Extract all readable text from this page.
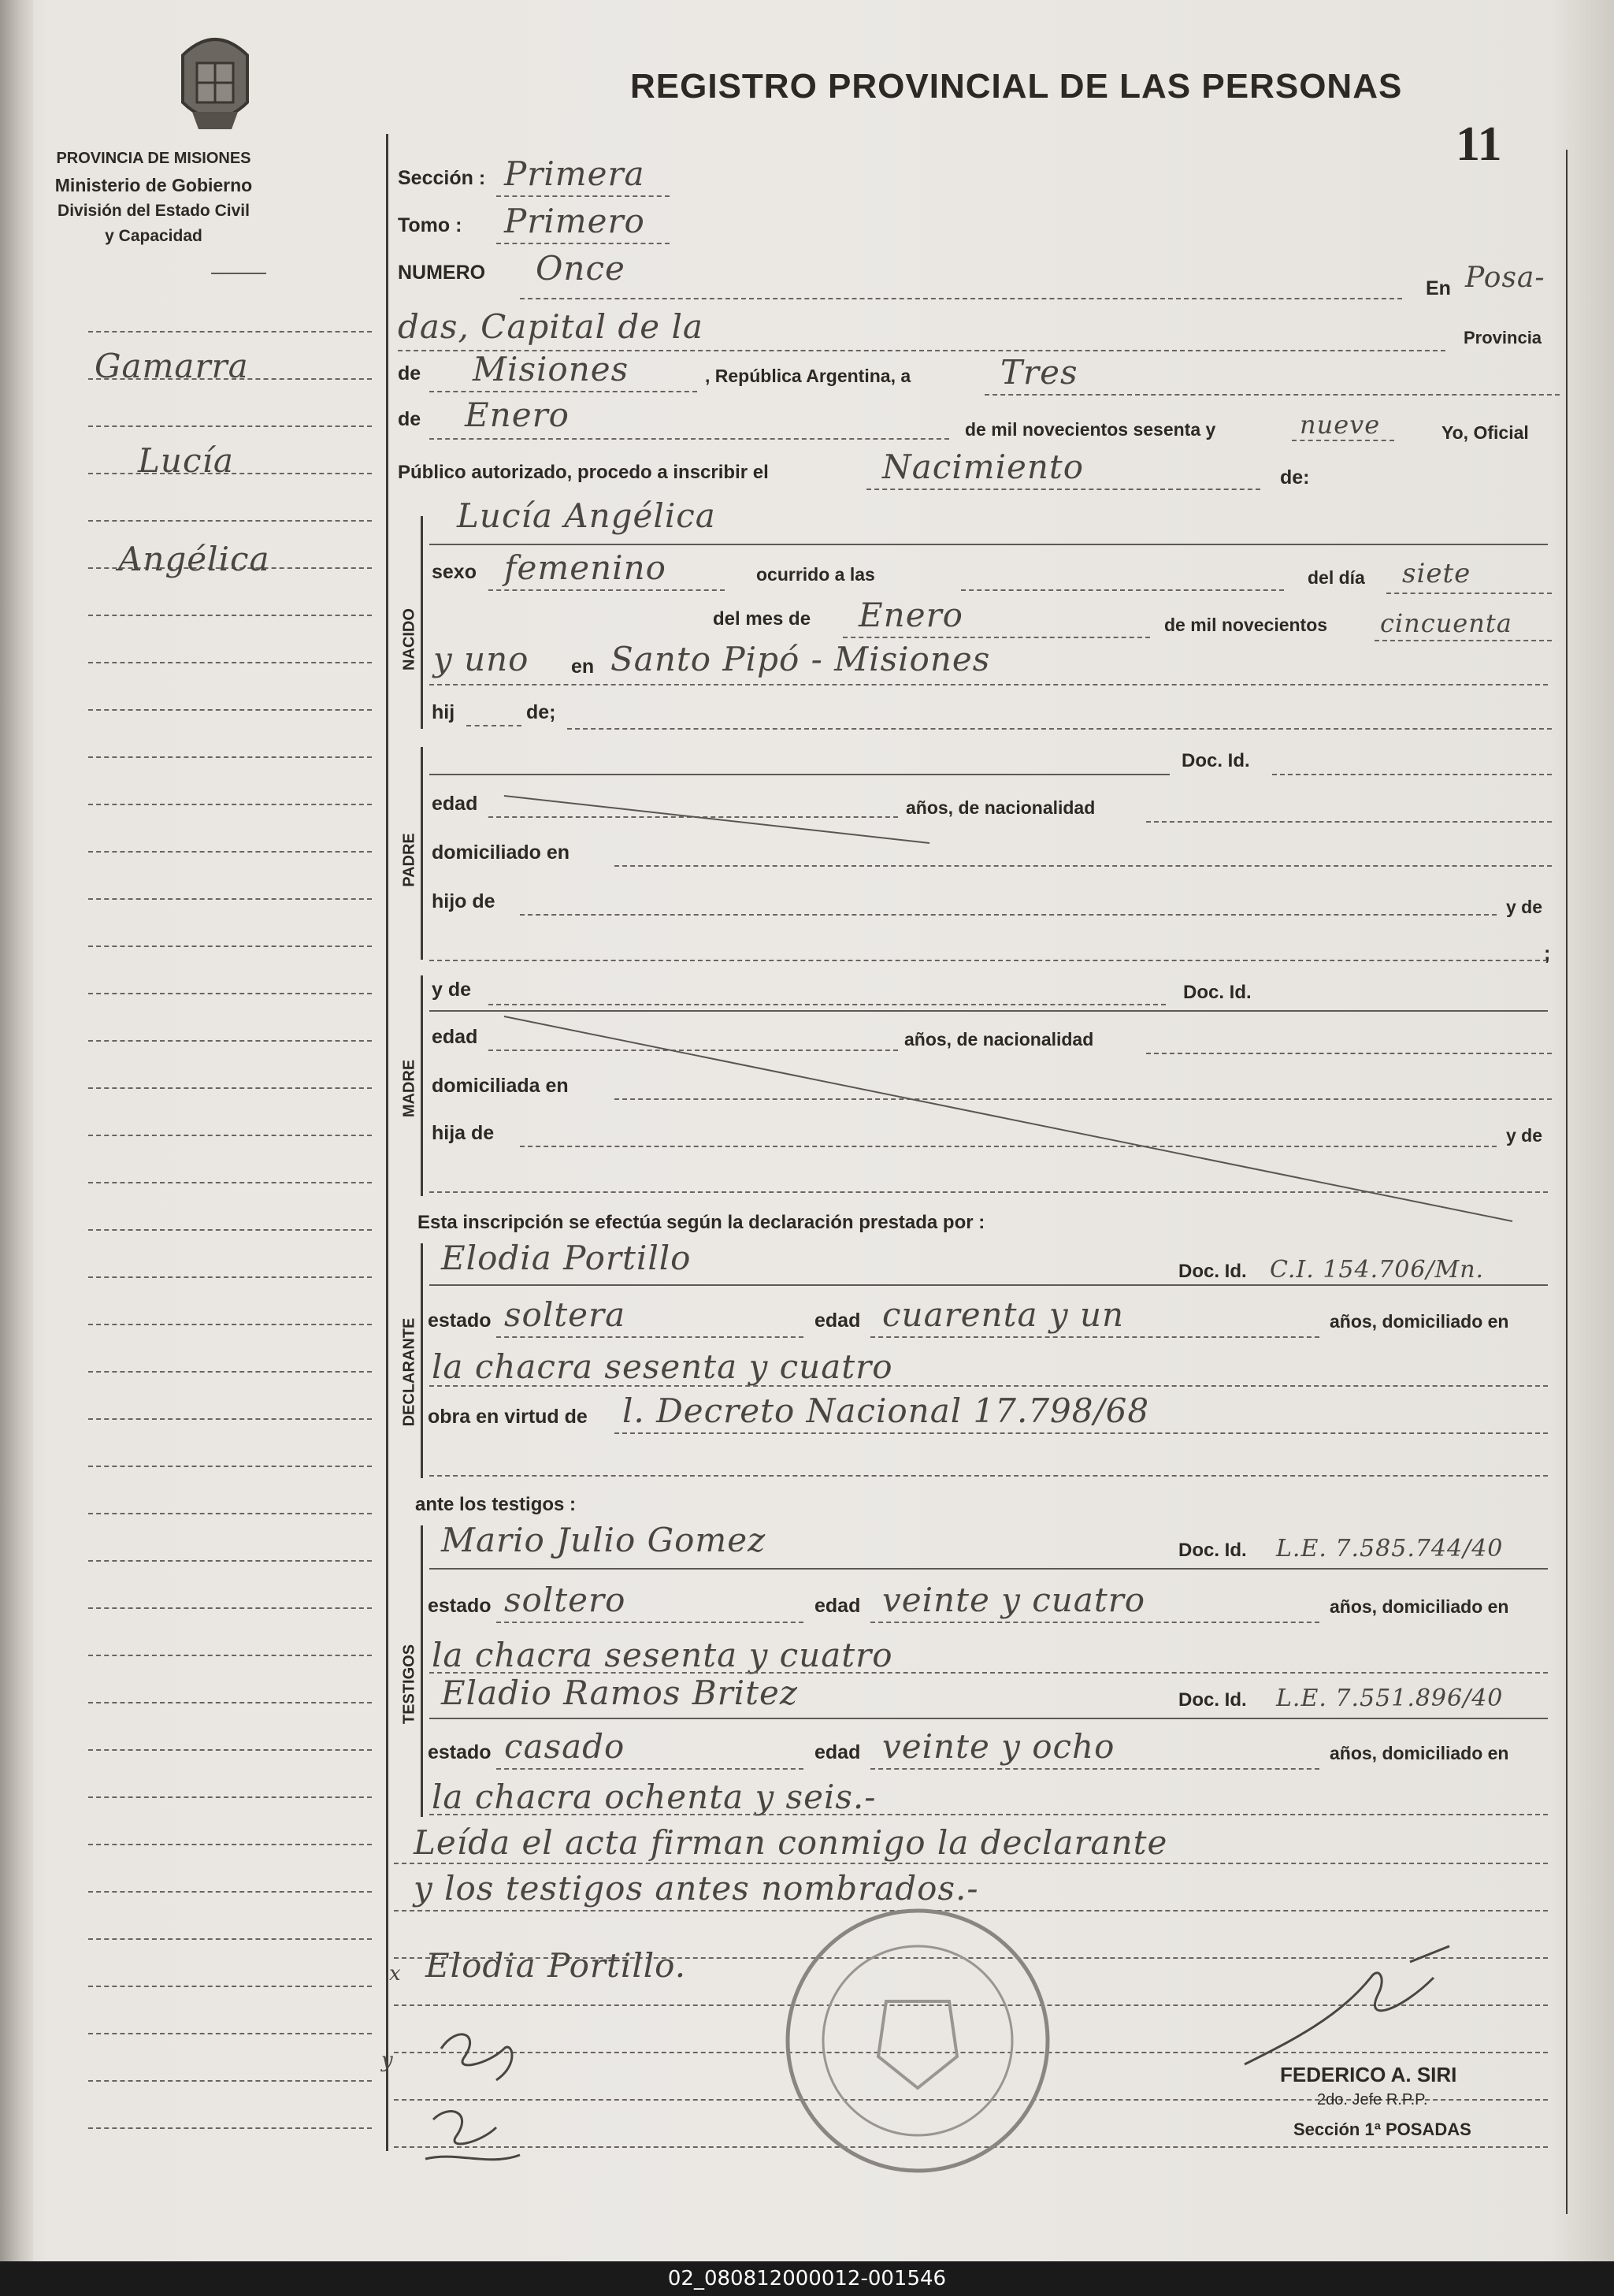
PROVINCIA DE MISIONES
Ministerio de Gobierno
División del Estado Civil
y Capacidad
REGISTRO PROVINCIAL DE LAS PERSONAS
11
Gamarra
Lucía
Angélica
Sección : Primera
Tomo : Primero
NUMERO Once
En Posa-
das, Capital de la	Provincia
de Misiones	, República Argentina, a	Tres
de Enero	de mil novecientos sesenta y	nueve	Yo, Oficial
Público autorizado, procedo a inscribir el	Nacimiento	de:
NACIDO
Lucía Angélica
sexo femenino	ocurrido a las	del día siete
del mes de Enero	de mil novecientos cincuenta
y uno en Santo Pipó - Misiones
hij	de;
PADRE
Doc. Id.
edad	años, de nacionalidad
domiciliado en
hijo de	y de
;
MADRE
y de	Doc. Id.
edad	años, de nacionalidad
domiciliada en
hija de	y de
Esta inscripción se efectúa según la declaración prestada por :
DECLARANTE
Elodia Portillo	Doc. Id. C.I. 154.706/Mn.
estado soltera	edad cuarenta y un	años, domiciliado en
la chacra sesenta y cuatro
obra en virtud de l. Decreto Nacional 17.798/68
ante los testigos :
TESTIGOS
Mario Julio Gomez	Doc. Id. L.E. 7.585.744/40
estado soltero	edad veinte y cuatro	años, domiciliado en
la chacra sesenta y cuatro
Eladio Ramos Britez	Doc. Id. L.E. 7.551.896/40
estado casado	edad veinte y ocho	años, domiciliado en
la chacra ochenta y seis.-
Leída el acta firman conmigo la declarante
y los testigos antes nombrados.-
x Elodia Portillo.
y
FEDERICO A. SIRI
2do. Jefe R.P.P.
Sección 1ª POSADAS
02_080812000012-001546
